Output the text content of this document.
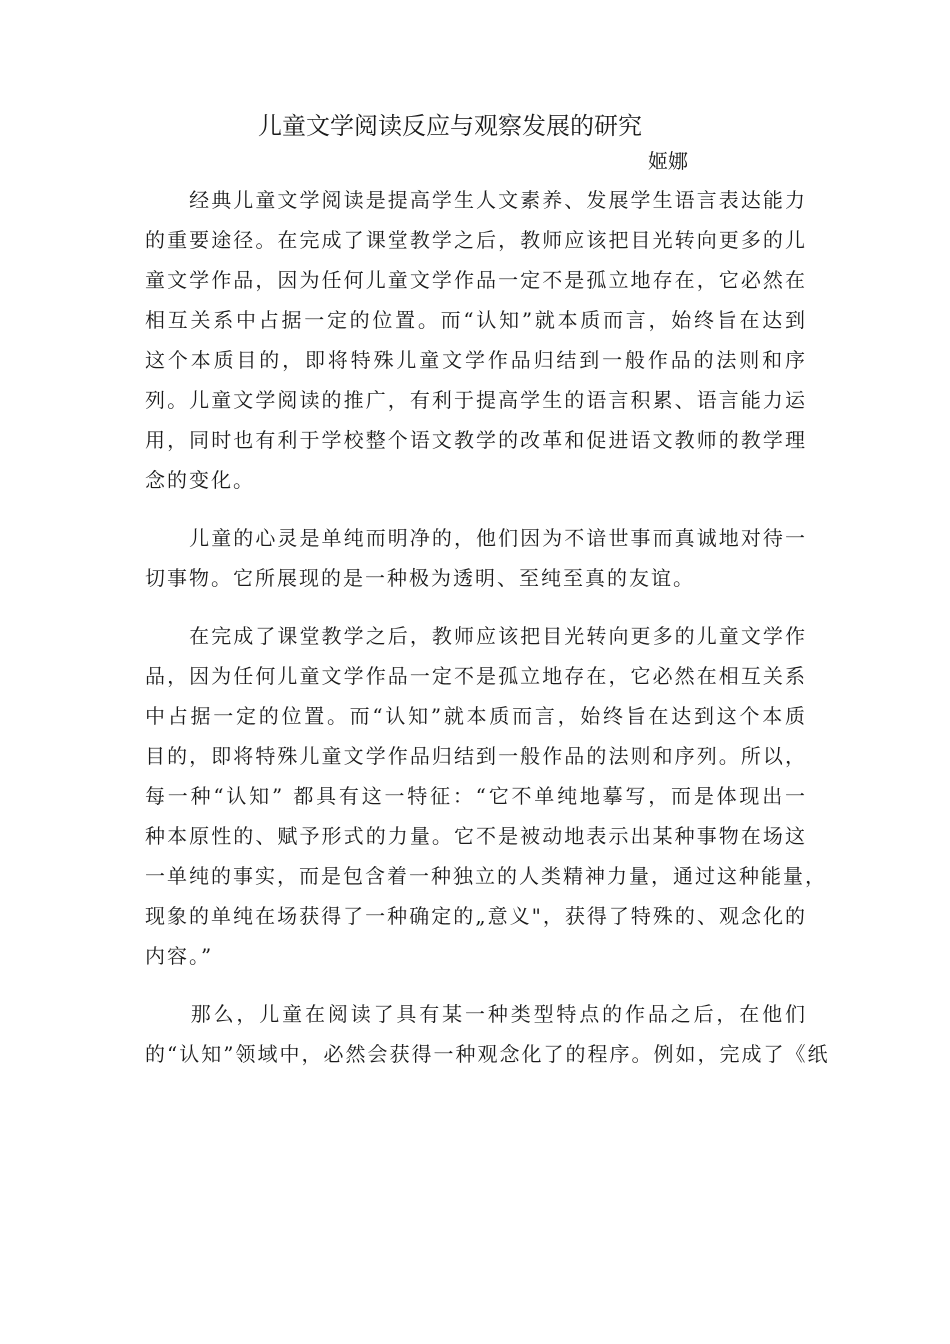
儿童文学阅读反应与观察发展的研究

姬娜

　　经典儿童文学阅读是提高学生人文素养、发展学生语言表达能力
的重要途径。在完成了课堂教学之后，教师应该把目光转向更多的儿
童文学作品，因为任何儿童文学作品一定不是孤立地存在，它必然在
相互关系中占据一定的位置。而“认知”就本质而言，始终旨在达到
这个本质目的，即将特殊儿童文学作品归结到一般作品的法则和序
列。儿童文学阅读的推广，有利于提高学生的语言积累、语言能力运
用，同时也有利于学校整个语文教学的改革和促进语文教师的教学理
念的变化。
　　儿童的心灵是单纯而明净的，他们因为不谙世事而真诚地对待一
切事物。它所展现的是一种极为透明、至纯至真的友谊。
　　在完成了课堂教学之后，教师应该把目光转向更多的儿童文学作
品，因为任何儿童文学作品一定不是孤立地存在，它必然在相互关系
中占据一定的位置。而“认知”就本质而言，始终旨在达到这个本质
目的，即将特殊儿童文学作品归结到一般作品的法则和序列。所以，
每一种“认知” 都具有这一特征：“它不单纯地摹写，而是体现出一
种本原性的、赋予形式的力量。它不是被动地表示出某种事物在场这
一单纯的事实，而是包含着一种独立的人类精神力量，通过这种能量，
现象的单纯在场获得了一种确定的„意义"，获得了特殊的、观念化的
内容。”
　　那么，儿童在阅读了具有某一种类型特点的作品之后，在他们
的“认知”领域中，必然会获得一种观念化了的程序。例如，完成了《纸
